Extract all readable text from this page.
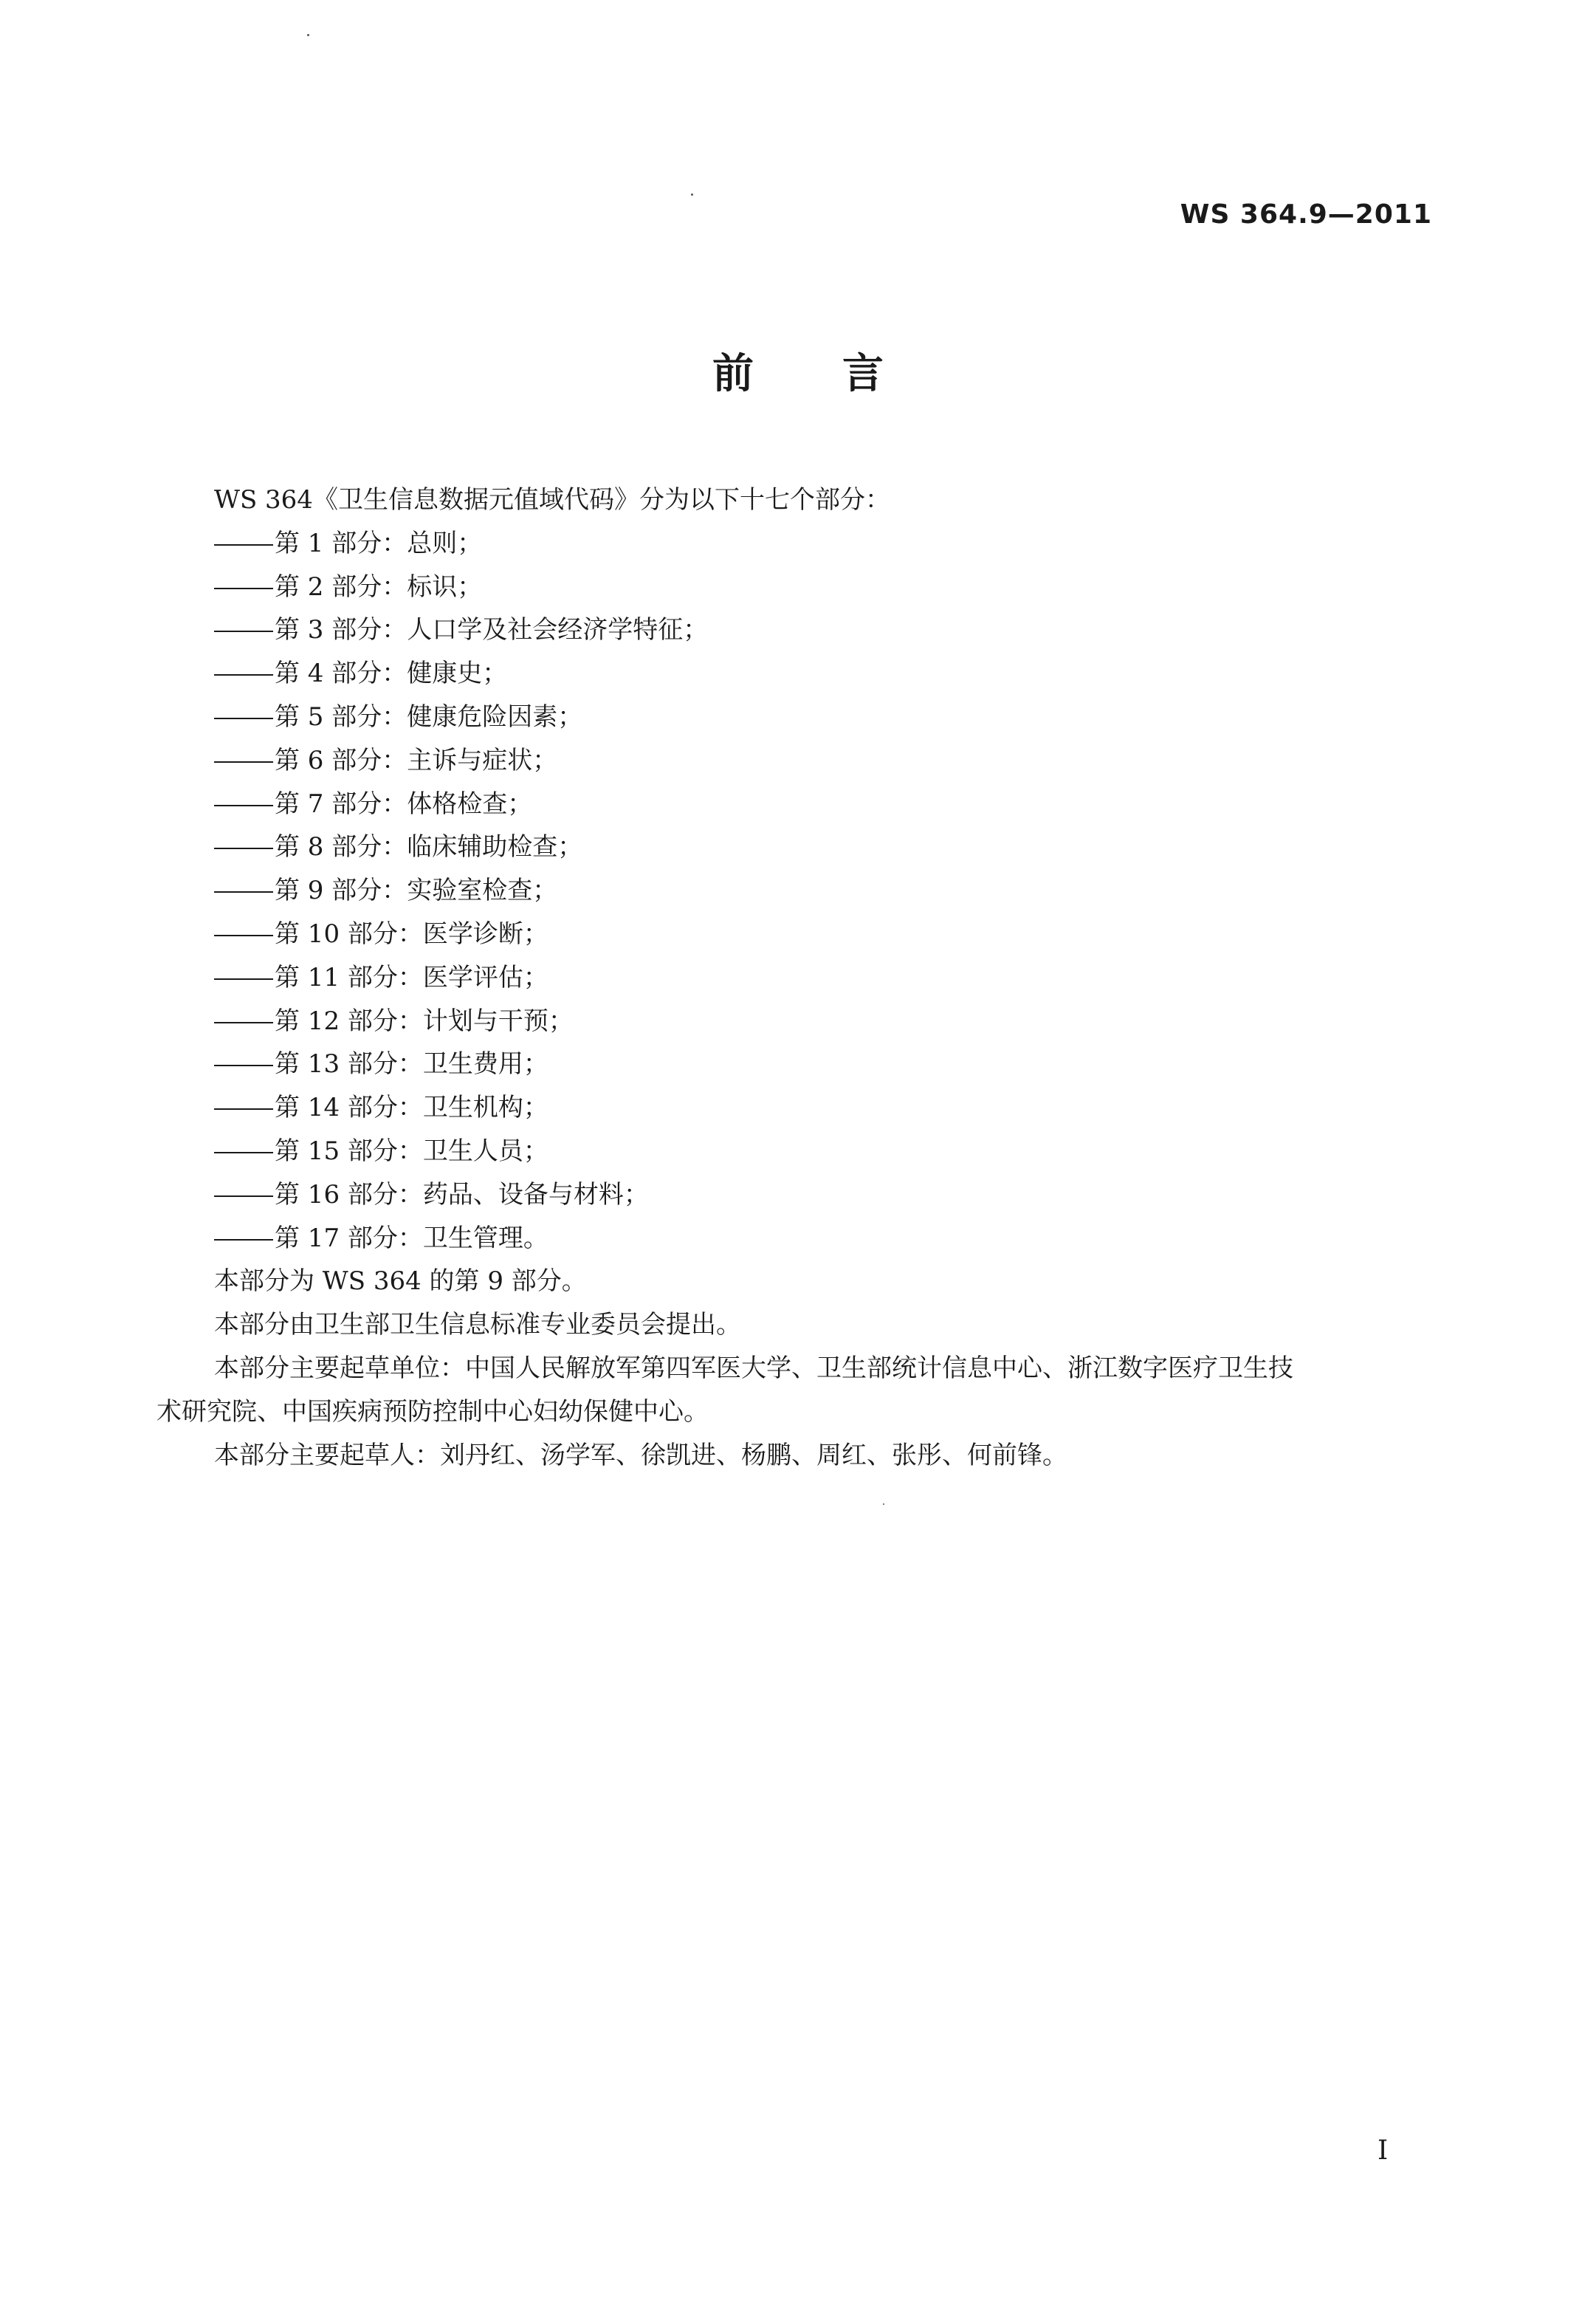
WS 364.9—2011
前言
WS 364《卫生信息数据元值域代码》分为以下十七个部分：
第 1 部分：总则；
第 2 部分：标识；
第 3 部分：人口学及社会经济学特征；
第 4 部分：健康史；
第 5 部分：健康危险因素；
第 6 部分：主诉与症状；
第 7 部分：体格检查；
第 8 部分：临床辅助检查；
第 9 部分：实验室检查；
第 10 部分：医学诊断；
第 11 部分：医学评估；
第 12 部分：计划与干预；
第 13 部分：卫生费用；
第 14 部分：卫生机构；
第 15 部分：卫生人员；
第 16 部分：药品、设备与材料；
第 17 部分：卫生管理。
本部分为 WS 364 的第 9 部分。
本部分由卫生部卫生信息标准专业委员会提出。
本部分主要起草单位：中国人民解放军第四军医大学、卫生部统计信息中心、浙江数字医疗卫生技
术研究院、中国疾病预防控制中心妇幼保健中心。
本部分主要起草人：刘丹红、汤学军、徐凯进、杨鹏、周红、张彤、何前锋。
I
